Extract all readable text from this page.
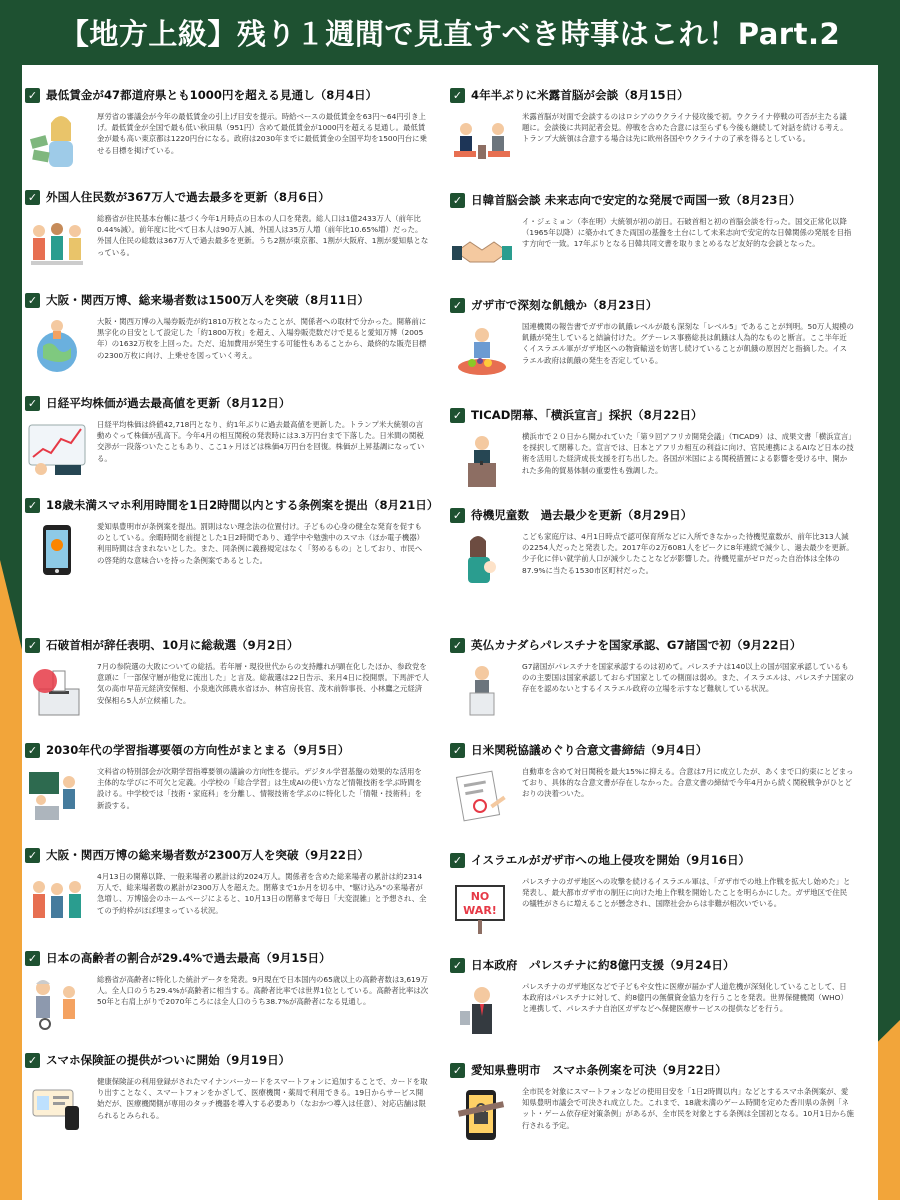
【地方上級】残り１週間で見直すべき時事はこれ！Part.2
✓ 最低賃金が47都道府県とも1000円を超える見通し（8月4日）
厚労省の審議会が今年の最低賃金の引上げ目安を提示。時給ベースの最低賃金を63円〜64円引き上げ。最低賃金が全国で最も低い秋田県（951円）含めて最低賃金が1000円を超える見通し。最低賃金が最も高い東京都は1220円台になる。政府は2030年までに最低賃金の全国平均を1500円台に乗せる目標を掲げている。
✓ 外国人住民数が367万人で過去最多を更新（8月6日）
総務省が住民基本台帳に基づく今年1月時点の日本の人口を発表。総人口は1億2433万人（前年比0.44%減）。前年度に比べて日本人は90万人減、外国人は35万人増（前年比10.65%増）だった。外国人住民の総数は367万人で過去最多を更新。うち2割が東京都、1割が大阪府、1割が愛知県となっている。
✓ 大阪・関西万博、総来場者数は1500万人を突破（8月11日）
大阪・関西万博の入場券販売が約1810万枚となったことが、関係者への取材で分かった。開幕前に黒字化の目安として設定した「約1800万枚」を超え、入場券販売数だけで見ると愛知万博（2005年）の1632万枚を上回った。ただ、追加費用が発生する可能性もあることから、最終的な販売目標の2300万枚に向け、上乗せを図っていく考え。
✓ 日経平均株価が過去最高値を更新（8月12日）
日経平均株価は終値42,718円となり、約1年ぶりに過去最高値を更新した。トランプ米大統領の言動めぐって株価が乱高下。今年4月の相互関税の発表時には3.3万円台まで下落した。日米間の関税交渉が一段落ついたこともあり、ここ1ヶ月ほどは株価4万円台を回復。株価が上昇基調になっている。
✓ 18歳未満スマホ利用時間を1日2時間以内とする条例案を提出（8月21日）
愛知県豊明市が条例案を提出。罰則はない理念法の位置付け。子どもの心身の健全な発育を促すものとしている。余暇時間を前提とした1日2時間であり、通学中や勉強中のスマホ（ほか電子機器）利用時間は含まれないとした。また、同条例に義務規定はなく「努めるもの」としており、市民への啓発的な意味合いを持った条例案であるとした。
✓ 石破首相が辞任表明、10月に総裁選（9月2日）
7月の参院選の大敗についての総括。若年層・現役世代からの支持離れが顕在化したほか、参政党を意頭に「一部保守層が他党に流出した」と言及。総裁選は22日告示、来月4日に投開票。下馬評で人気の高市早苗元経済安保相、小泉進次郎農水省ほか、林官房長官、茂木前幹事長、小林鷹之元経済安保相ら5人が立候補した。
✓ 2030年代の学習指導要領の方向性がまとまる（9月5日）
文科省の特別部会が次期学習指導要領の議論の方向性を提示。デジタル学習基盤の効果的な活用を主体的な学びに不可欠と定義。小学校の「総合学習」は生成AIの使い方など情報技術を学ぶ時間を設ける。中学校では「技術・家庭科」を分離し、情報技術を学ぶのに特化した「情報・技術科」を新設する。
✓ 大阪・関西万博の総来場者数が2300万人を突破（9月22日）
4月13日の開幕以降、一般来場者の累計は約2024万人。関係者を含めた総来場者の累計は約2314万人で、総来場者数の累計が2300万人を超えた。閉幕まで1か月を切る中、"駆け込み"の来場者が急増し、万博協会のホームページによると、10月13日の閉幕まで毎日「大変混雑」と予想され、全ての予約枠がほぼ埋まっている状況。
✓ 日本の高齢者の割合が29.4%で過去最高（9月15日）
総務省が高齢者に特化した統計データを発表。9月現在で日本国内の65歳以上の高齢者数は3,619万人。全人口のうち29.4%が高齢者に相当する。高齢者比率では世界1位としている。高齢者比率は次50年と右肩上がりで2070年ころには全人口のうち38.7%が高齢者になる見通し。
✓ スマホ保険証の提供がついに開始（9月19日）
健康保険証の利用登録がされたマイナンバーカードをスマートフォンに追加することで、カードを取り出すことなく、スマートフォンをかざして、医療機関・薬局で利用できる。19日からサービス開始だが、医療機関側が専用のタッチ機器を導入する必要あり（なおかつ導入は任意）、対応店舗は限られるとみられる。
✓ 4年半ぶりに米露首脳が会談（8月15日）
米露首脳が対面で会談するのはロシアのウクライナ侵攻後で初。ウクライナ停戦の可否が主たる議題に。会談後に共同記者会見。停戦を含めた合意には至らずも今後も継続して対話を続ける考え。トランプ大統領は合意する場合は先に欧州各国やウクライナの了承を得るとしている。
✓ 日韓首脳会談 未来志向で安定的な発展で両国一致（8月23日）
イ・ジェミョン（李在明）大統領が初の訪日。石破首相と初の首脳会談を行った。国交正常化以降（1965年以降）に築かれてきた両国の基盤を土台にして未来志向で安定的な日韓関係の発展を目指す方向で一致。17年ぶりとなる日韓共同文書を取りまとめるなど友好的な会談となった。
✓ ガザ市で深刻な飢餓か（8月23日）
国連機関の報告書でガザ市の飢餓レベルが最も深刻な「レベル5」であることが判明。50万人規模の飢餓が発生していると結論付けた。グテーレス事務総長は飢餓は人為的なものと断言。ここ半年近くイスラエル軍がガザ地区への物資輸送を妨害し続けていることが飢餓の原因だと指摘した。イスラエル政府は飢餓の発生を否定している。
✓ TICAD閉幕、「横浜宣言」採択（8月22日）
横浜市で２０日から開かれていた「第９回アフリカ開発会議」（TICAD9）は、成果文書「横浜宣言」を採択して閉幕した。宣言では、日本とアフリカ相互の利益に向け、官民連携によるAIなど日本の技術を活用した経済成長支援を打ち出した。各国が米国による関税措置による影響を受ける中、開かれた多角的貿易体制の重要性も強調した。
✓ 待機児童数　過去最少を更新（8月29日）
こども家庭庁は、4月1日時点で認可保育所などに入所できなかった待機児童数が、前年比313人減の2254人だったと発表した。2017年の2万6081人をピークに8年連続で減少し、過去最少を更新。少子化に伴い就学前人口が減少したことなどが影響した。待機児童がゼロだった自治体は全体の87.9%に当たる1530市区町村だった。
✓ 英仏カナダらパレスチナを国家承認、G7諸国で初（9月22日）
G7諸国がパレスチナを国家承認するのは初めて。パレスチナは140以上の国が国家承認しているものの主要国は国家承認しておらず国家としての側面は弱め。また、イスラエルは、パレスチナ国家の存在を認めないとするイスラエル政府の立場を示すなど難航している状況。
✓ 日米関税協議めぐり合意文書締結（9月4日）
自動車を含めて対日関税を最大15%に抑える。合意は7月に成立したが、あくまで口約束にとどまっており、具体的な合意文書が存在しなかった。合意文書の締結で今年4月から続く関税戦争がひとどおりの決着ついた。
✓ イスラエルがガザ市への地上侵攻を開始（9月16日）
NO
WAR!
パレスチナのガザ地区への攻撃を続けるイスラエル軍は、「ガザ市での地上作戦を拡大し始めた」と発表し、最大都市ガザ市の制圧に向けた地上作戦を開始したことを明らかにした。ガザ地区で住民の犠牲がさらに増えることが懸念され、国際社会からは非難が相次いでいる。
✓ 日本政府　パレスチナに約8億円支援（9月24日）
パレスチナのガザ地区などで子どもや女性に医療が届かず人道危機が深刻化していることして、日本政府はパレスチナに対して、約8億円の無償資金協力を行うことを発表。世界保健機関（WHO）と連携して、パレスチナ自治区ガザなどへ保健医療サービスの提供などを行う。
✓ 愛知県豊明市　スマホ条例案を可決（9月22日）
全市民を対象にスマートフォンなどの使用目安を「1日2時間以内」などとするスマホ条例案が、愛知県豊明市議会で可決され成立した。これまで、18歳未満のゲーム時間を定めた香川県の条例「ネット・ゲーム依存症対策条例」があるが、全市民を対象とする条例は全国初となる。10月1日から施行される予定。
